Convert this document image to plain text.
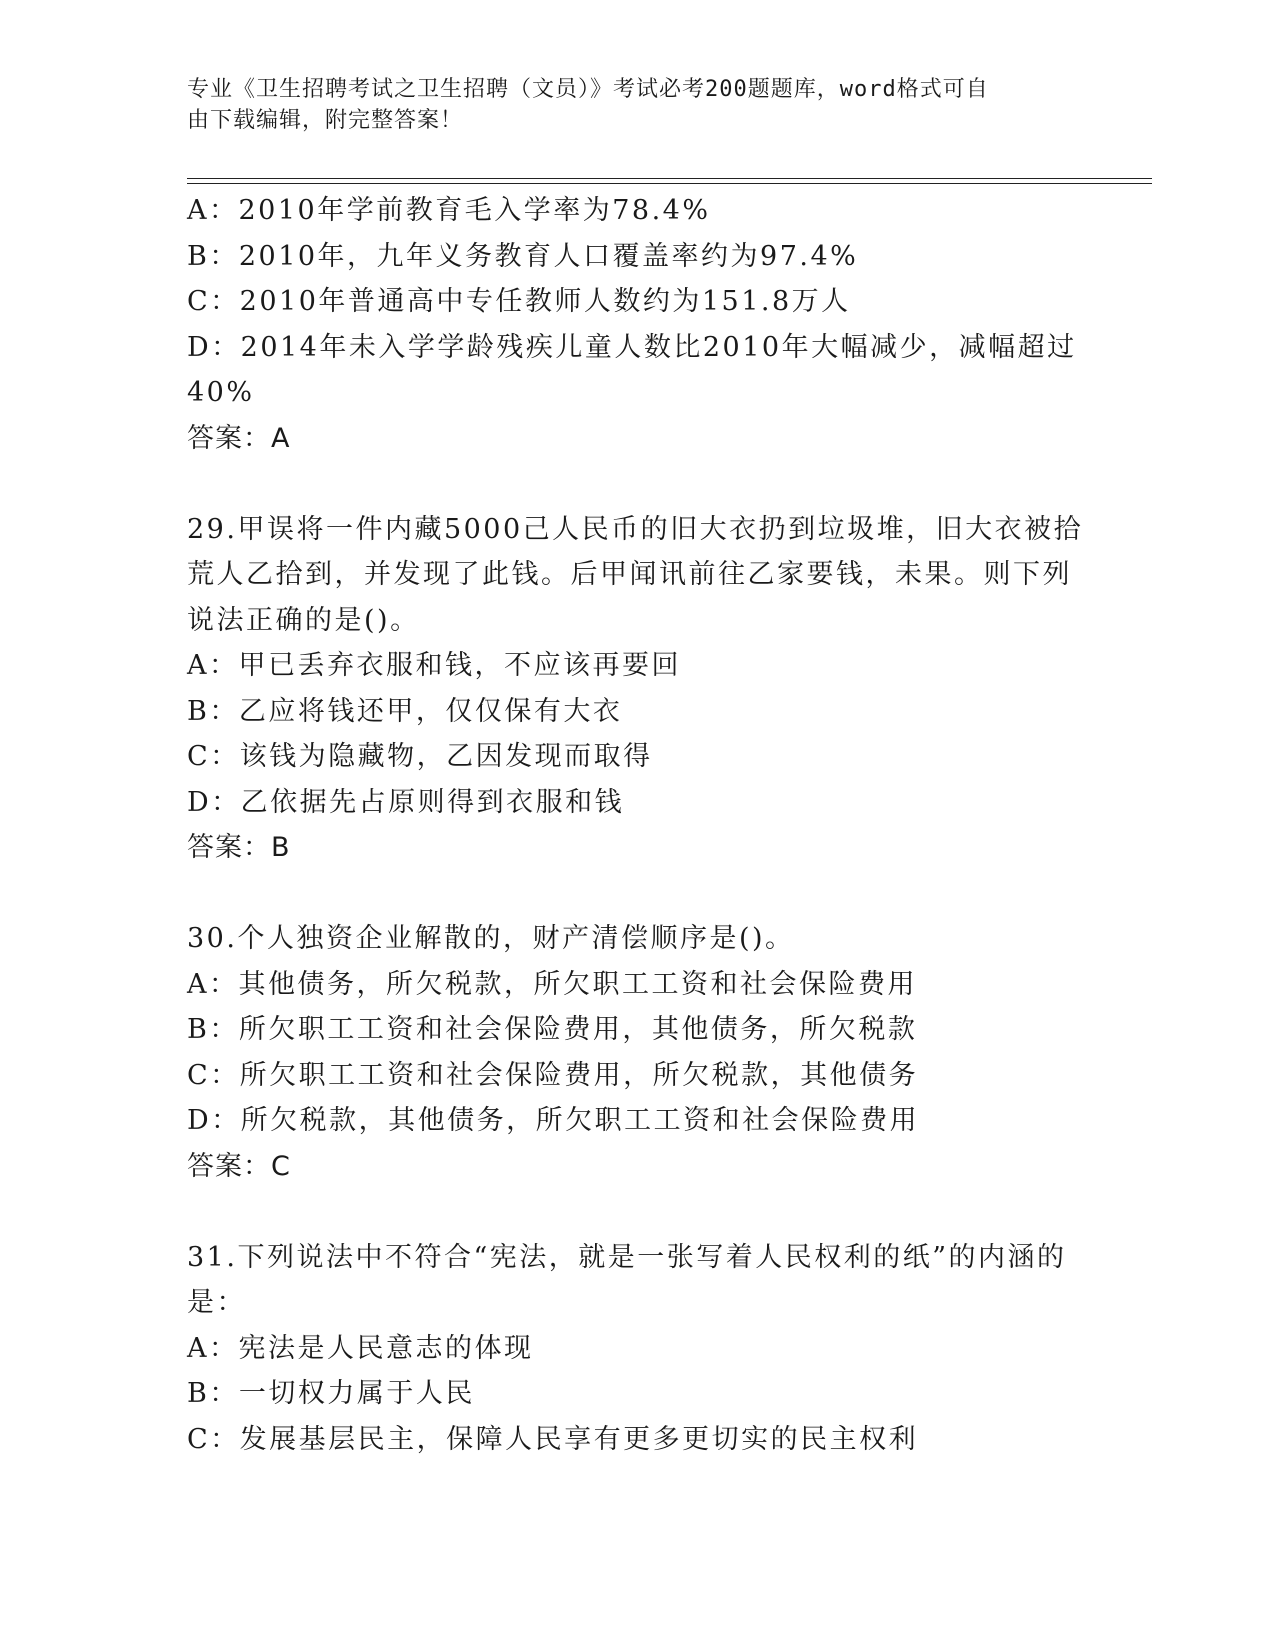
专业《卫生招聘考试之卫生招聘（文员）》考试必考200题题库，word格式可自
由下载编辑，附完整答案！
A：2010年学前教育毛入学率为78.4%
B：2010年，九年义务教育人口覆盖率约为97.4%
C：2010年普通高中专任教师人数约为151.8万人
D：2014年未入学学龄残疾儿童人数比2010年大幅减少，减幅超过
40%
答案：A
29.甲误将一件内藏5000己人民币的旧大衣扔到垃圾堆，旧大衣被拾
荒人乙拾到，并发现了此钱。后甲闻讯前往乙家要钱，未果。则下列
说法正确的是()。
A：甲已丢弃衣服和钱，不应该再要回
B：乙应将钱还甲，仅仅保有大衣
C：该钱为隐藏物，乙因发现而取得
D：乙依据先占原则得到衣服和钱
答案：B
30.个人独资企业解散的，财产清偿顺序是()。
A：其他债务，所欠税款，所欠职工工资和社会保险费用
B：所欠职工工资和社会保险费用，其他债务，所欠税款
C：所欠职工工资和社会保险费用，所欠税款，其他债务
D：所欠税款，其他债务，所欠职工工资和社会保险费用
答案：C
31.下列说法中不符合“宪法，就是一张写着人民权利的纸”的内涵的
是：
A：宪法是人民意志的体现
B：一切权力属于人民
C：发展基层民主，保障人民享有更多更切实的民主权利
